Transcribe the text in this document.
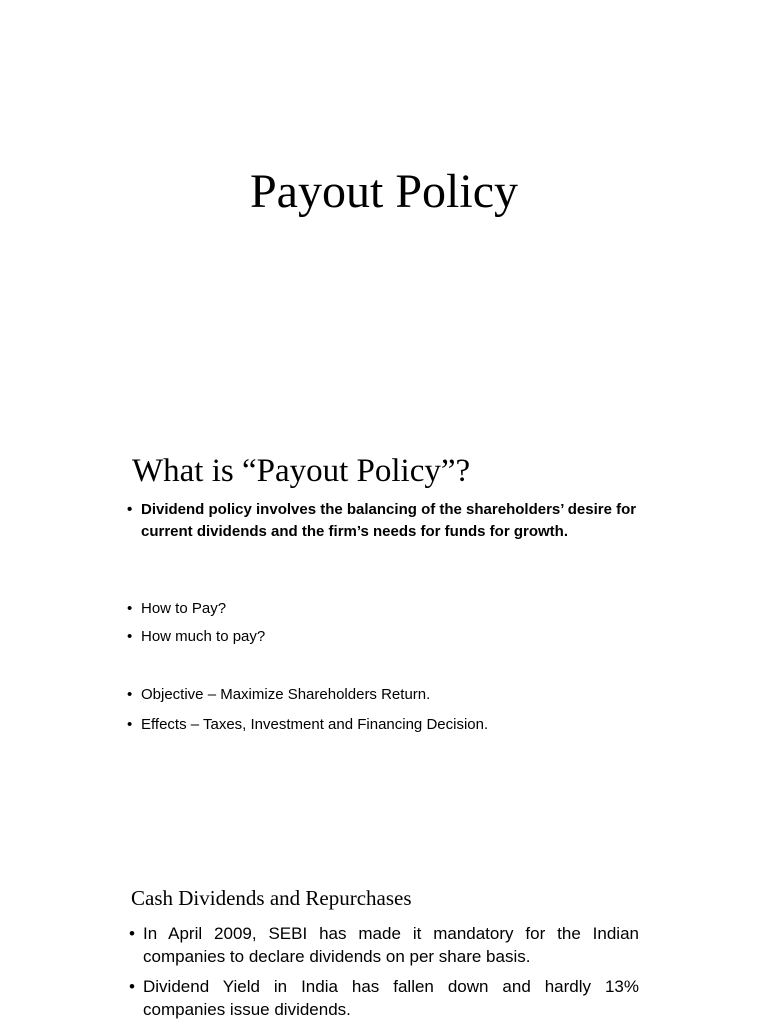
Payout Policy
What is “Payout Policy”?
• Dividend policy involves the balancing of the shareholders’ desire for current dividends and the firm’s needs for funds for growth.
• How to Pay?
• How much to pay?
• Objective – Maximize Shareholders Return.
• Effects – Taxes, Investment and Financing Decision.
Cash Dividends and Repurchases
• In April 2009, SEBI has made it mandatory for the Indian companies to declare dividends on per share basis.
• Dividend Yield in India has fallen down and hardly 13% companies issue dividends.
